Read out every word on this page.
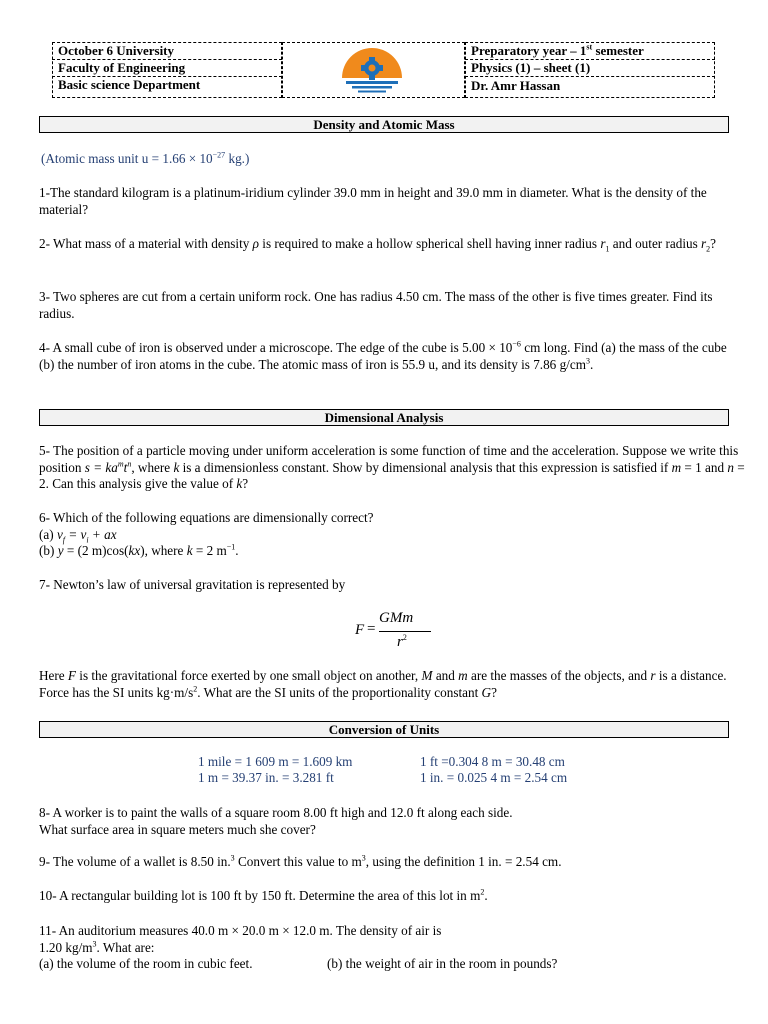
October 6 University
Faculty of Engineering
Basic science Department
Preparatory year – 1st semester
Physics (1) – sheet (1)
Dr. Amr Hassan
Density and Atomic Mass
(Atomic mass unit $u = 1.66 \times 10^{-27}$ kg.)
1-The standard kilogram is a platinum-iridium cylinder 39.0 mm in height and 39.0 mm in diameter. What is the density of the material?
2- What mass of a material with density ρ is required to make a hollow spherical shell having inner radius $r_1$ and outer radius $r_2$?
3- Two spheres are cut from a certain uniform rock. One has radius 4.50 cm. The mass of the other is five times greater. Find its radius.
4- A small cube of iron is observed under a microscope. The edge of the cube is $5.00 \times 10^{-6}$ cm long. Find (a) the mass of the cube
(b) the number of iron atoms in the cube. The atomic mass of iron is 55.9 u, and its density is 7.86 $g/cm^3$.
Dimensional Analysis
5- The position of a particle moving under uniform acceleration is some function of time and the acceleration. Suppose we write this position $s = ka^mt^n$, where k is a dimensionless constant. Show by dimensional analysis that this expression is satisfied if m = 1 and n = 2. Can this analysis give the value of k?
6- Which of the following equations are dimensionally correct?
(a) $v_f = v_i$ + ax
(b) y = (2 m)cos(kx), where k = 2 $m^{-1}$.
7- Newton’s law of universal gravitation is represented by
F =
GMm
$r^2$
Here F is the gravitational force exerted by one small object on another, M and m are the masses of the objects, and r is a distance. Force has the SI units $kg\cdot m/s^2$. What are the SI units of the proportionality constant G?
Conversion of Units
1 mile = 1 609 m = 1.609 km
1 m = 39.37 in. = 3.281 ft
1 ft =0.304 8 m = 30.48 cm
1 in. = 0.025 4 m = 2.54 cm
8- A worker is to paint the walls of a square room 8.00 ft high and 12.0 ft along each side.
What surface area in square meters much she cover?
9- The volume of a wallet is 8.50 in.$^3$ Convert this value to $m^3$, using the definition 1 in. = 2.54 cm.
10- A rectangular building lot is 100 ft by 150 ft. Determine the area of this lot in $m^2$.
11- An auditorium measures 40.0 m × 20.0 m × 12.0 m. The density of air is
1.20 $kg/m^3$. What are:
(a) the volume of the room in cubic feet.	(b) the weight of air in the room in pounds?
